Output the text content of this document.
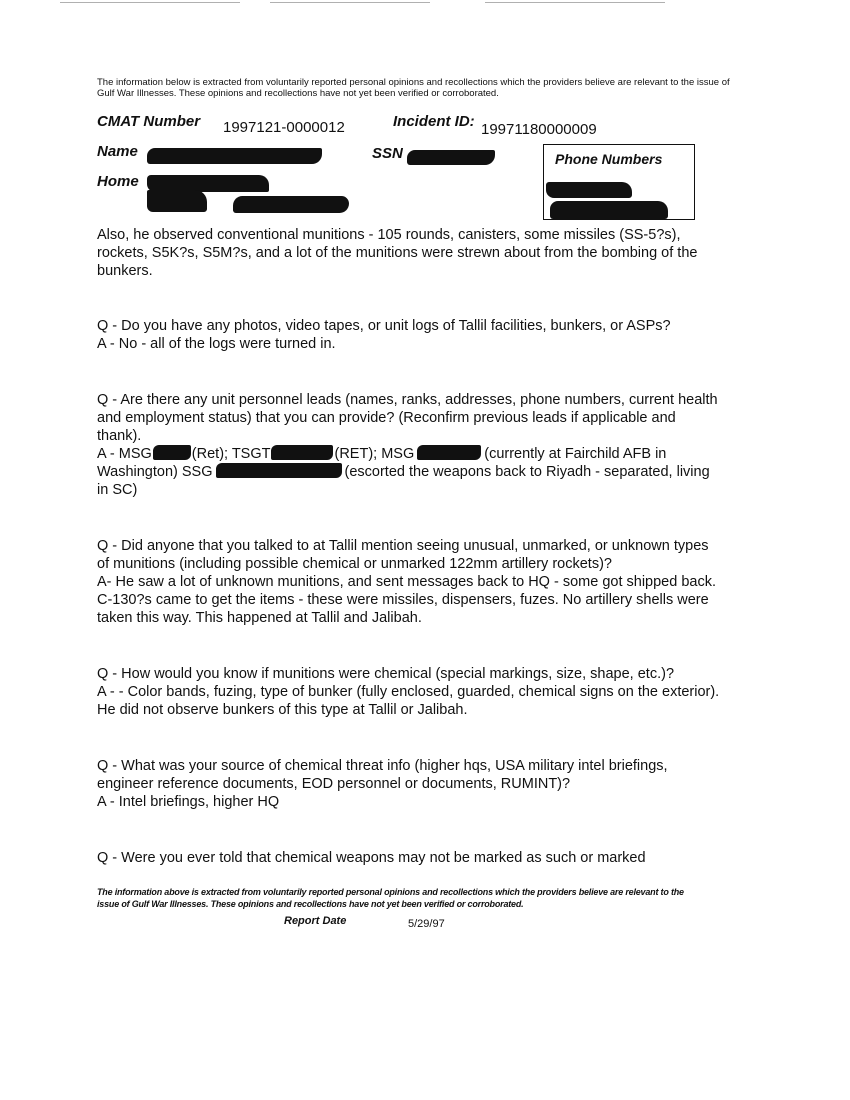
The information below is extracted from voluntarily reported personal opinions and recollections which the providers believe are relevant to the issue of Gulf War Illnesses. These opinions and recollections have not yet been verified or corroborated.
CMAT Number 1997121-0000012	Incident ID: 19971180000009
Name	SSN
Home
Phone Numbers
Also, he observed conventional munitions - 105 rounds, canisters, some missiles (SS-5?s), rockets, S5K?s, S5M?s, and a lot of the munitions were strewn about from the bombing of the bunkers.
Q - Do you have any photos, video tapes, or unit logs of Tallil facilities, bunkers, or ASPs?
A - No - all of the logs were turned in.
Q - Are there any unit personnel leads (names, ranks, addresses, phone numbers, current health and employment status) that you can provide? (Reconfirm previous leads if applicable and thank).
A - MSG	(Ret); TSGT	(RET); MSG	(currently at Fairchild AFB in Washington) SSG	(escorted the weapons back to Riyadh - separated, living in SC)
Q - Did anyone that you talked to at Tallil mention seeing unusual, unmarked, or unknown types of munitions (including possible chemical or unmarked 122mm artillery rockets)?
A- He saw a lot of unknown munitions, and sent messages back to HQ - some got shipped back. C-130?s came to get the items - these were missiles, dispensers, fuzes. No artillery shells were taken this way. This happened at Tallil and Jalibah.
Q - How would you know if munitions were chemical (special markings, size, shape, etc.)?
A - - Color bands, fuzing, type of bunker (fully enclosed, guarded, chemical signs on the exterior). He did not observe bunkers of this type at Tallil or Jalibah.
Q - What was your source of chemical threat info (higher hqs, USA military intel briefings, engineer reference documents, EOD personnel or documents, RUMINT)?
A - Intel briefings, higher HQ
Q - Were you ever told that chemical weapons may not be marked as such or marked
The information above is extracted from voluntarily reported personal opinions and recollections which the providers believe are relevant to the issue of Gulf War Illnesses. These opinions and recollections have not yet been verified or corroborated.
Report Date	5/29/97
